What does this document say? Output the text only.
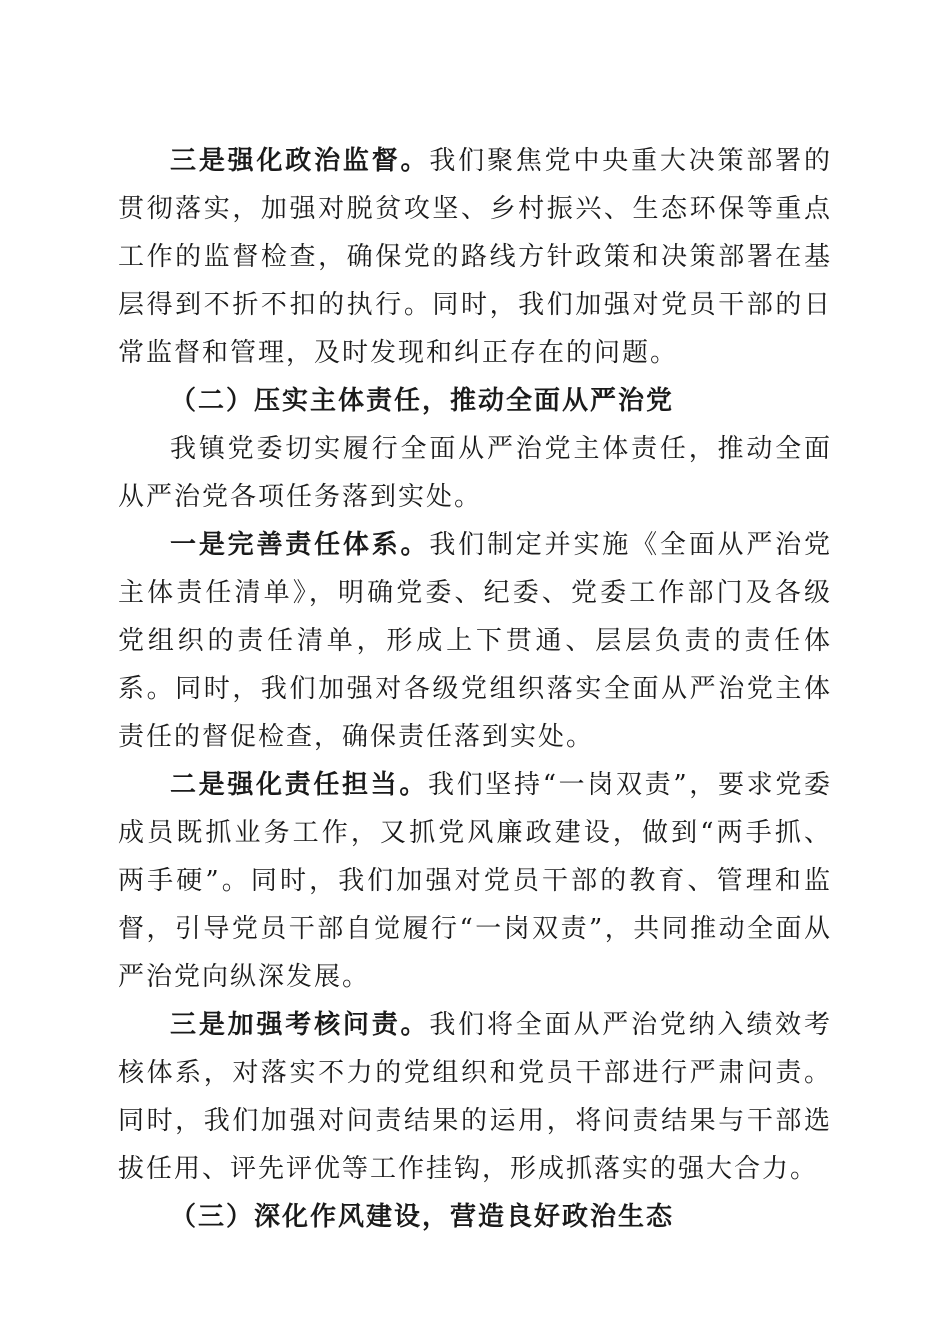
三是强化政治监督。我们聚焦党中央重大决策部署的贯彻落实，加强对脱贫攻坚、乡村振兴、生态环保等重点工作的监督检查，确保党的路线方针政策和决策部署在基层得到不折不扣的执行。同时，我们加强对党员干部的日常监督和管理，及时发现和纠正存在的问题。

（二）压实主体责任，推动全面从严治党

我镇党委切实履行全面从严治党主体责任，推动全面从严治党各项任务落到实处。

一是完善责任体系。我们制定并实施《全面从严治党主体责任清单》，明确党委、纪委、党委工作部门及各级党组织的责任清单，形成上下贯通、层层负责的责任体系。同时，我们加强对各级党组织落实全面从严治党主体责任的督促检查，确保责任落到实处。

二是强化责任担当。我们坚持“一岗双责”，要求党委成员既抓业务工作，又抓党风廉政建设，做到“两手抓、两手硬”。同时，我们加强对党员干部的教育、管理和监督，引导党员干部自觉履行“一岗双责”，共同推动全面从严治党向纵深发展。

三是加强考核问责。我们将全面从严治党纳入绩效考核体系，对落实不力的党组织和党员干部进行严肃问责。同时，我们加强对问责结果的运用，将问责结果与干部选拔任用、评先评优等工作挂钩，形成抓落实的强大合力。

（三）深化作风建设，营造良好政治生态
